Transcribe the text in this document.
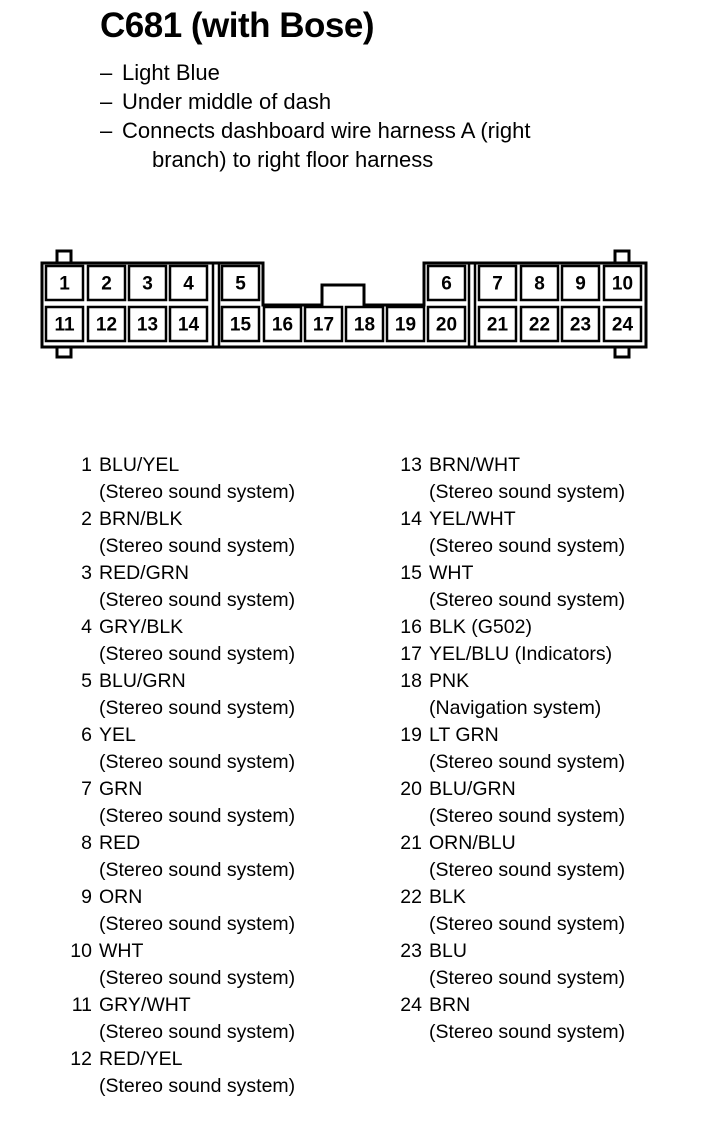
C681 (with Bose)
– Light Blue
– Under middle of dash
– Connects dashboard wire harness A (right
branch) to right floor harness
1 2 3 4 5	6 7 8 9 10
11 12 13 14 15 16 17 18 19 20 21 22 23 24
1 BLU/YEL
(Stereo sound system)
2 BRN/BLK
(Stereo sound system)
3 RED/GRN
(Stereo sound system)
4 GRY/BLK
(Stereo sound system)
5 BLU/GRN
(Stereo sound system)
6 YEL
(Stereo sound system)
7 GRN
(Stereo sound system)
8 RED
(Stereo sound system)
9 ORN
(Stereo sound system)
10 WHT
(Stereo sound system)
11 GRY/WHT
(Stereo sound system)
12 RED/YEL
(Stereo sound system)
13 BRN/WHT
(Stereo sound system)
14 YEL/WHT
(Stereo sound system)
15 WHT
(Stereo sound system)
16 BLK (G502)
17 YEL/BLU (Indicators)
18 PNK
(Navigation system)
19 LT GRN
(Stereo sound system)
20 BLU/GRN
(Stereo sound system)
21 ORN/BLU
(Stereo sound system)
22 BLK
(Stereo sound system)
23 BLU
(Stereo sound system)
24 BRN
(Stereo sound system)
